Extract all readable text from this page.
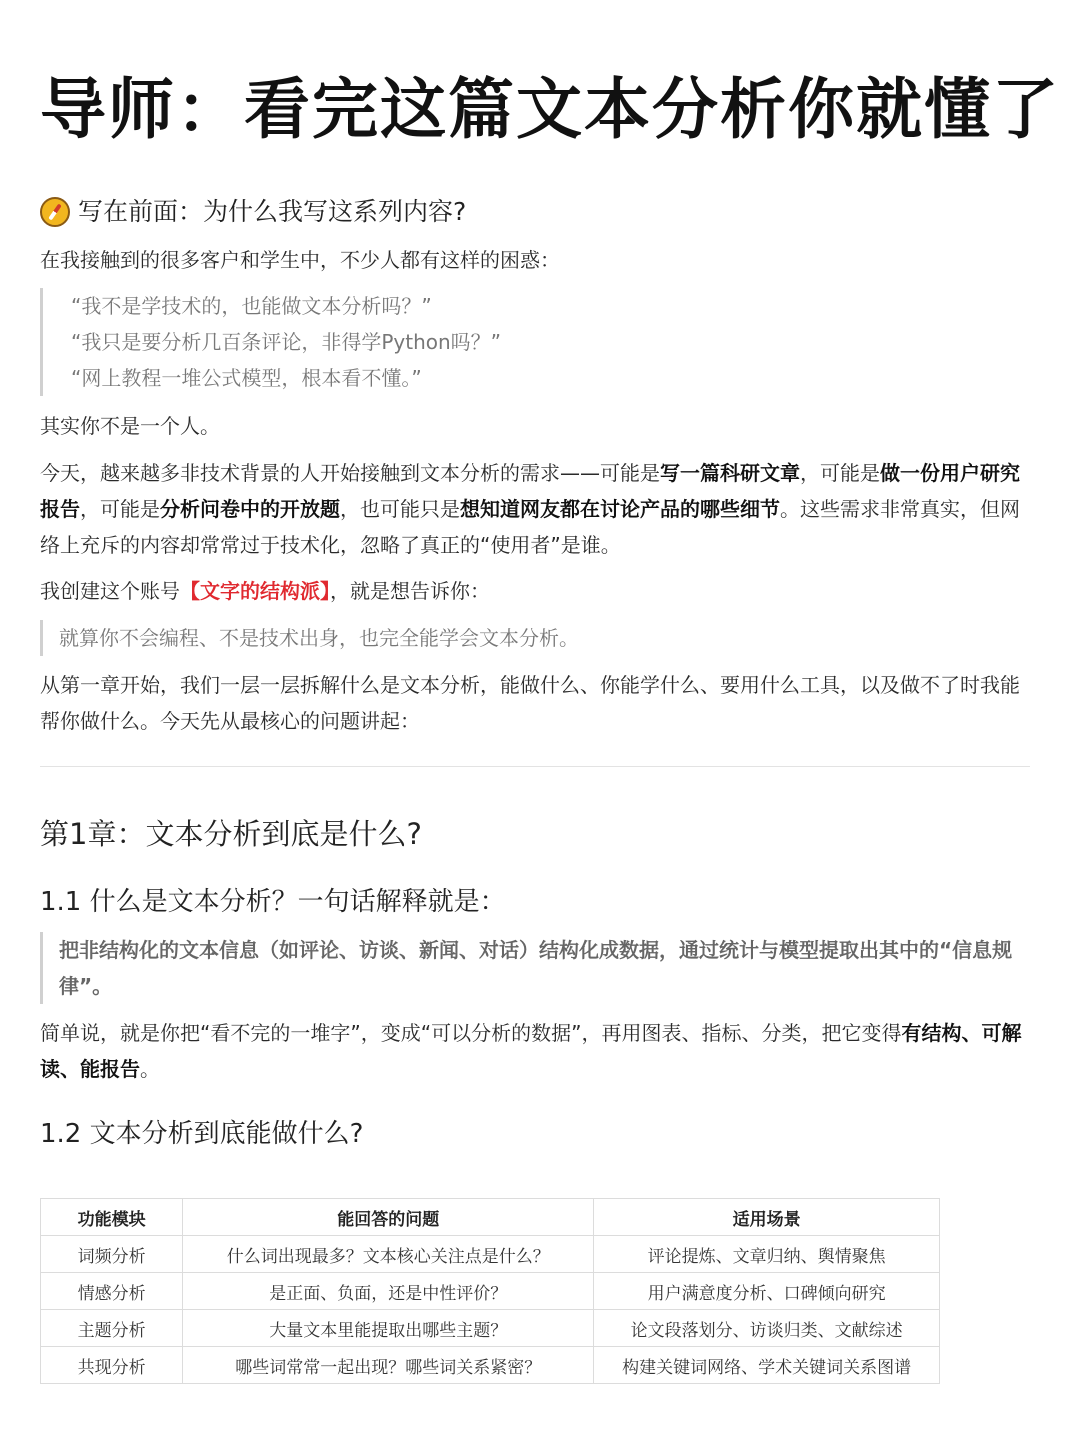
导师：看完这篇文本分析你就懂了
写在前面：为什么我写这系列内容?
在我接触到的很多客户和学生中，不少人都有这样的困惑：
“我不是学技术的，也能做文本分析吗？”
“我只是要分析几百条评论，非得学Python吗？”
“网上教程一堆公式模型，根本看不懂。”
其实你不是一个人。
今天，越来越多非技术背景的人开始接触到文本分析的需求——可能是写一篇科研文章，可能是做一份用户研究报告，可能是分析问卷中的开放题，也可能只是想知道网友都在讨论产品的哪些细节。这些需求非常真实，但网络上充斥的内容却常常过于技术化，忽略了真正的“使用者”是谁。
我创建这个账号【文字的结构派】，就是想告诉你：
就算你不会编程、不是技术出身，也完全能学会文本分析。
从第一章开始，我们一层一层拆解什么是文本分析，能做什么、你能学什么、要用什么工具，以及做不了时我能帮你做什么。今天先从最核心的问题讲起：
第1章：文本分析到底是什么?
1.1 什么是文本分析？一句话解释就是：
把非结构化的文本信息（如评论、访谈、新闻、对话）结构化成数据，通过统计与模型提取出其中的“信息规律”。
简单说，就是你把“看不完的一堆字”，变成“可以分析的数据”，再用图表、指标、分类，把它变得有结构、可解读、能报告。
1.2 文本分析到底能做什么?
功能模块	能回答的问题	适用场景
词频分析	什么词出现最多？文本核心关注点是什么？	评论提炼、文章归纳、舆情聚焦
情感分析	是正面、负面，还是中性评价？	用户满意度分析、口碑倾向研究
主题分析	大量文本里能提取出哪些主题？	论文段落划分、访谈归类、文献综述
共现分析	哪些词常常一起出现？哪些词关系紧密？	构建关键词网络、学术关键词关系图谱
